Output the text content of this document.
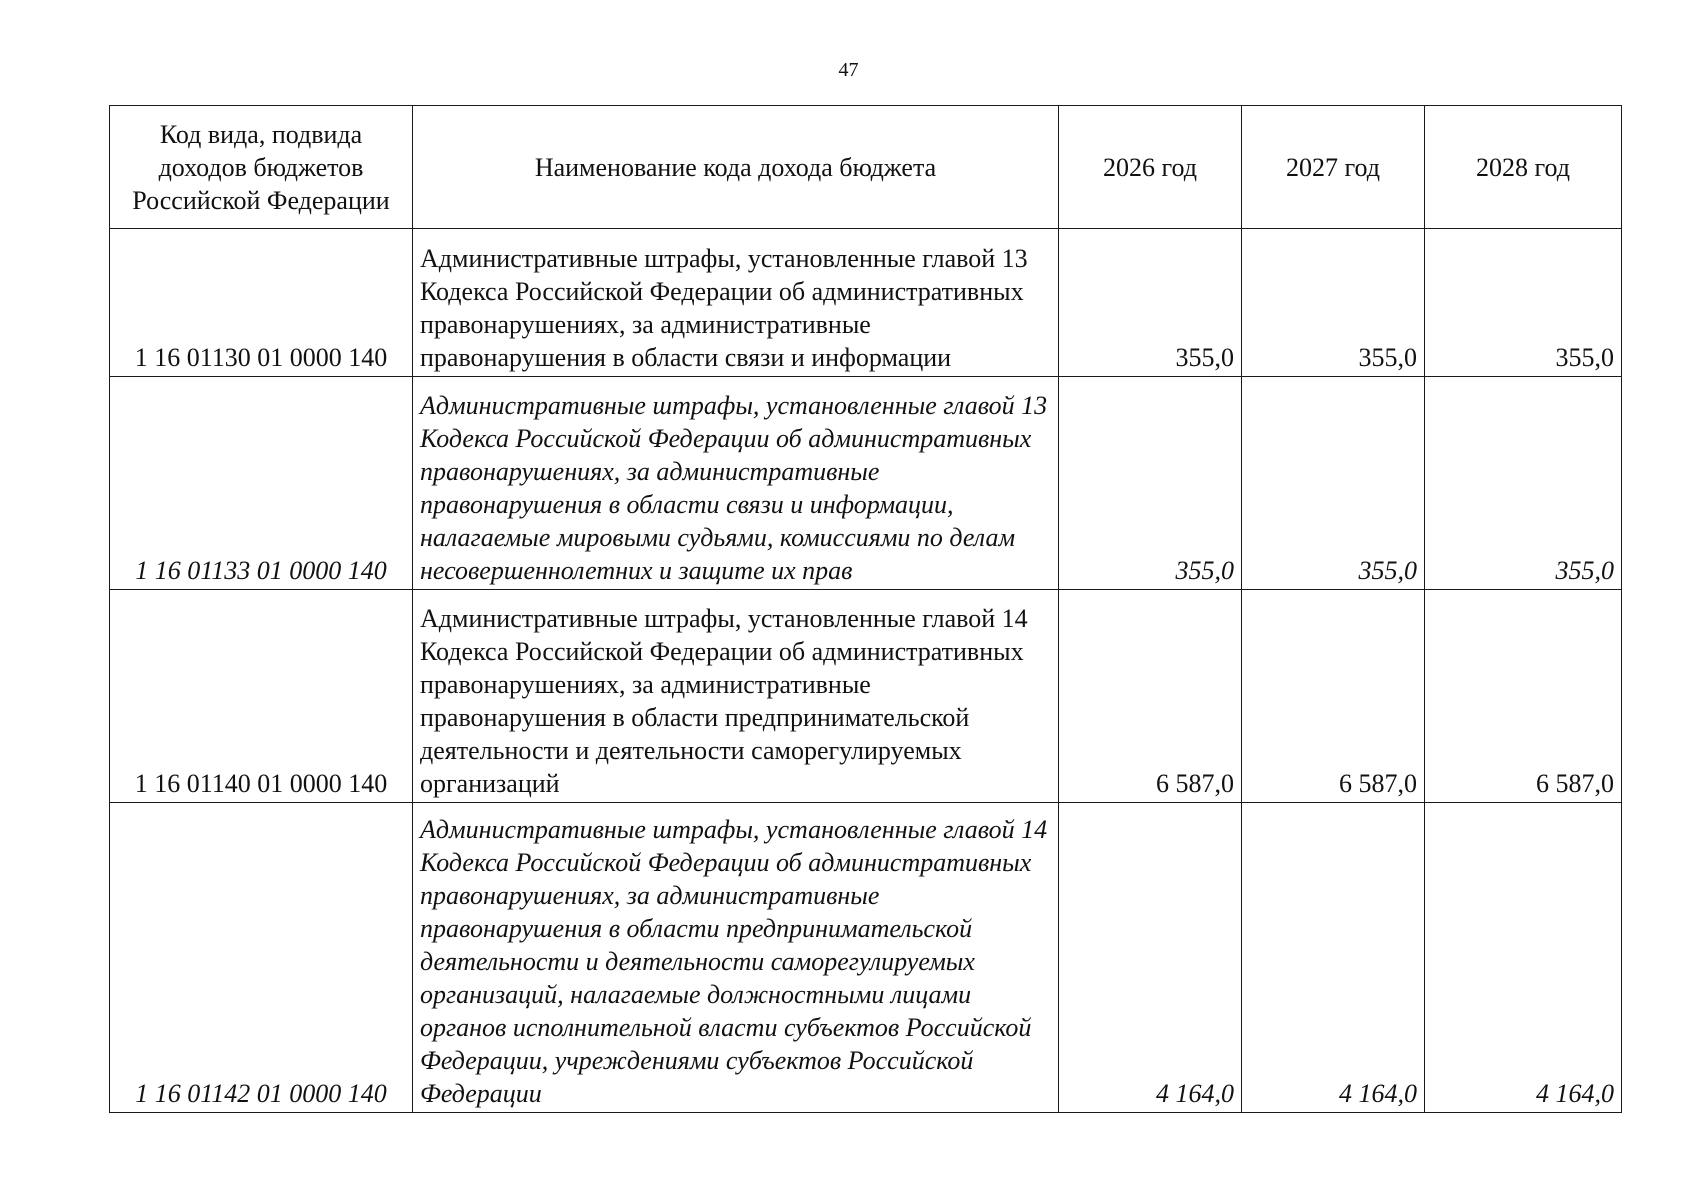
47
Код вида, подвида доходов бюджетов Российской Федерации	Наименование кода дохода бюджета	2026 год	2027 год	2028 год
1 16 01130 01 0000 140	Административные штрафы, установленные главой 13 Кодекса Российской Федерации об административных правонарушениях, за административные правонарушения в области связи и информации	355,0	355,0	355,0
1 16 01133 01 0000 140	Административные штрафы, установленные главой 13 Кодекса Российской Федерации об административных правонарушениях, за административные правонарушения в области связи и информации, налагаемые мировыми судьями, комиссиями по делам несовершеннолетних и защите их прав	355,0	355,0	355,0
1 16 01140 01 0000 140	Административные штрафы, установленные главой 14 Кодекса Российской Федерации об административных правонарушениях, за административные правонарушения в области предпринимательской деятельности и деятельности саморегулируемых организаций	6 587,0	6 587,0	6 587,0
1 16 01142 01 0000 140	Административные штрафы, установленные главой 14 Кодекса Российской Федерации об административных правонарушениях, за административные правонарушения в области предпринимательской деятельности и деятельности саморегулируемых организаций, налагаемые должностными лицами органов исполнительной власти субъектов Российской Федерации, учреждениями субъектов Российской Федерации	4 164,0	4 164,0	4 164,0
